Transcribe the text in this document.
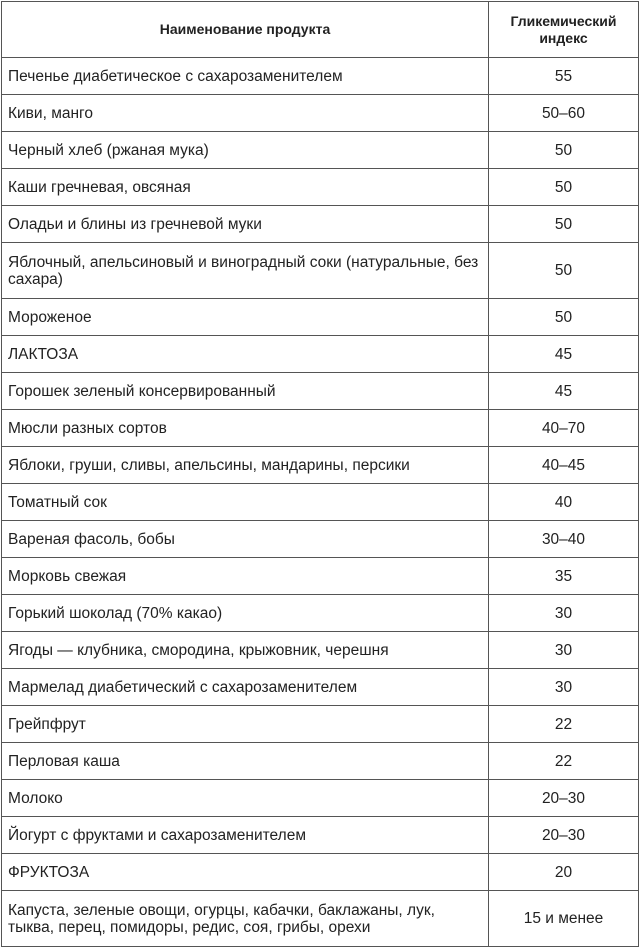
Наименование продукта	Гликемический индекс
Печенье диабетическое с сахарозаменителем	55
Киви, манго	50–60
Черный хлеб (ржаная мука)	50
Каши гречневая, овсяная	50
Оладьи и блины из гречневой муки	50
Яблочный, апельсиновый и виноградный соки (натуральные, без сахара)	50
Мороженое	50
ЛАКТОЗА	45
Горошек зеленый консервированный	45
Мюсли разных сортов	40–70
Яблоки, груши, сливы, апельсины, мандарины, персики	40–45
Томатный сок	40
Вареная фасоль, бобы	30–40
Морковь свежая	35
Горький шоколад (70% какао)	30
Ягоды — клубника, смородина, крыжовник, черешня	30
Мармелад диабетический с сахарозаменителем	30
Грейпфрут	22
Перловая каша	22
Молоко	20–30
Йогурт с фруктами и сахарозаменителем	20–30
ФРУКТОЗА	20
Капуста, зеленые овощи, огурцы, кабачки, баклажаны, лук, тыква, перец, помидоры, редис, соя, грибы, орехи	15 и менее
